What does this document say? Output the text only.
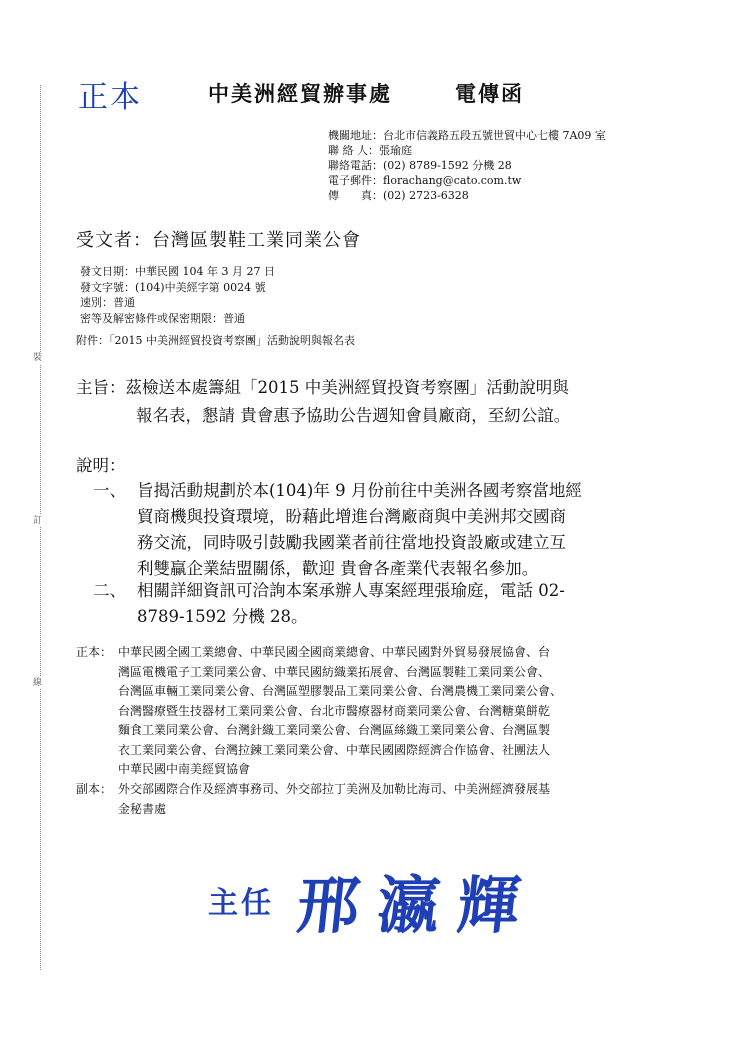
裝
訂
線
正本	中美洲經貿辦事處	電傳函
機關地址：台北市信義路五段五號世貿中心七樓 7A09 室
聯 絡 人：張瑜庭
聯絡電話：(02) 8789-1592 分機 28
電子郵件：florachang@cato.com.tw
傳　　真：(02) 2723-6328
受文者：台灣區製鞋工業同業公會
發文日期：中華民國 104 年 3 月 27 日
發文字號：(104)中美經字第 0024 號
速別：普通
密等及解密條件或保密期限：普通
附件：「2015 中美洲經貿投資考察團」活動說明與報名表
主旨：茲檢送本處籌組「2015 中美洲經貿投資考察團」活動說明與
報名表，懇請 貴會惠予協助公告週知會員廠商，至紉公誼。
說明：
一、 旨揭活動規劃於本(104)年 9 月份前往中美洲各國考察當地經
貿商機與投資環境，盼藉此增進台灣廠商與中美洲邦交國商
務交流，同時吸引鼓勵我國業者前往當地投資設廠或建立互
利雙贏企業結盟關係，歡迎 貴會各產業代表報名參加。
二、 相關詳細資訊可洽詢本案承辦人專案經理張瑜庭，電話 02-
8789-1592 分機 28。
正本： 中華民國全國工業總會、中華民國全國商業總會、中華民國對外貿易發展協會、台
灣區電機電子工業同業公會、中華民國紡織業拓展會、台灣區製鞋工業同業公會、
台灣區車輛工業同業公會、台灣區塑膠製品工業同業公會、台灣農機工業同業公會、
台灣醫療暨生技器材工業同業公會、台北市醫療器材商業同業公會、台灣糖菓餅乾
麵食工業同業公會、台灣針織工業同業公會、台灣區絲織工業同業公會、台灣區製
衣工業同業公會、台灣拉鍊工業同業公會、中華民國國際經濟合作協會、社團法人
中華民國中南美經貿協會
副本： 外交部國際合作及經濟事務司、外交部拉丁美洲及加勒比海司、中美洲經濟發展基
金秘書處
主任 邢瀛輝
